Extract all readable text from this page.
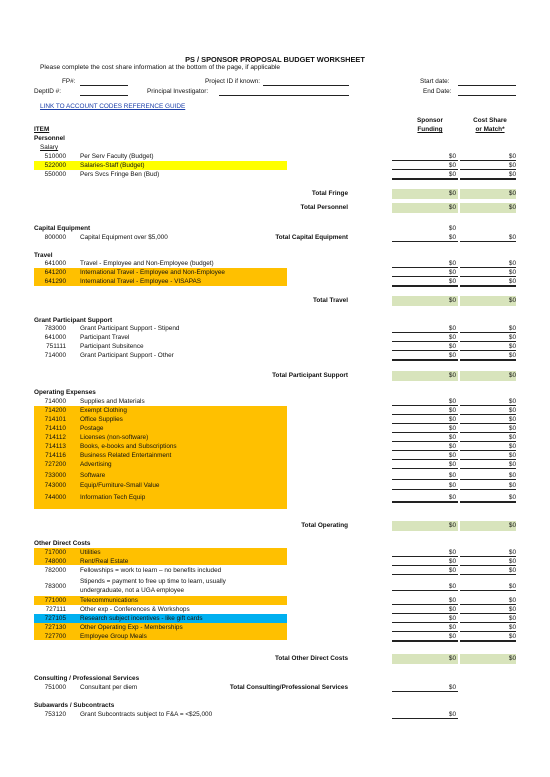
PS / SPONSOR PROPOSAL BUDGET WORKSHEET
Please complete the cost share information at the bottom of the page, if applicable
FP#:
DeptID #:
Project ID if known:
Principal Investigator:
Start date:
End Date:
LINK TO ACCOUNT CODES REFERENCE GUIDE
ITEM
Sponsor
Funding
Cost Share
or Match*
Personnel
Salary
510000 Per Serv Faculty (Budget)	$0	$0
522000 Salaries-Staff (Budget)	$0	$0
550000 Pers Svcs Fringe Ben (Bud)	$0	$0
Total Fringe	$0	$0
Total Personnel	$0	$0
Capital Equipment	$0
800000 Capital Equipment over $5,000	Total Capital Equipment	$0	$0
Travel
641000 Travel - Employee and Non-Employee (budget)	$0	$0
641200 International Travel - Employee and Non-Employee	$0	$0
641290 International Travel - Employee - VISAPAS	$0	$0
Total Travel	$0	$0
Grant Participant Support
783000 Grant Participant Support - Stipend	$0	$0
641000 Participant Travel	$0	$0
751111 Participant Subsitence	$0	$0
714000 Grant Participant Support - Other	$0	$0
Total Participant Support	$0	$0
Operating Expenses
714000 Supplies and Materials	$0	$0
714200 Exempt Clothing	$0	$0
714101 Office Supplies	$0	$0
714110 Postage	$0	$0
714112 Licenses (non-software)	$0	$0
714113 Books, e-books and Subscriptions	$0	$0
714116 Business Related Entertainment	$0	$0
727200 Advertising	$0	$0
733000 Software	$0	$0
743000 Equip/Furniture-Small Value	$0	$0
744000 Information Tech Equip	$0	$0
Total Operating	$0	$0
Other Direct Costs
717000 Utilities	$0	$0
748000 Rent/Real Estate	$0	$0
782000 Fellowships = work to learn – no benefits included	$0	$0
783000
Stipends = payment to free up time to learn, usually
undergraduate, not a UGA employee
$0	$0
771000 Telecommunications	$0	$0
727111 Other exp - Conferences & Workshops	$0	$0
727105 Research subject incentives - like gift cards	$0	$0
727130 Other Operating Exp - Memberships	$0	$0
727700 Employee Group Meals	$0	$0
Total Other Direct Costs	$0	$0
Consulting / Professional Services
751000 Consultant per diem	Total Consulting/Professional Services	$0
Subawards / Subcontracts
753120 Grant Subcontracts subject to F&A = <$25,000	$0
